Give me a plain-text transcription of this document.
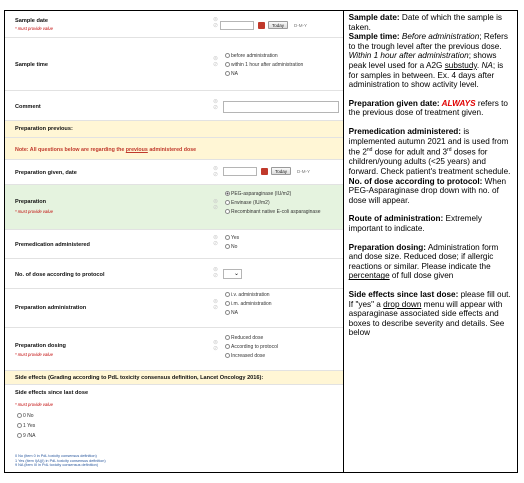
Sample date
* must provide value
⊚
⊘	Today	D-M-Y
Sample time
⊚
⊘
before administration
within 1 hour after administration
NA
Comment
⊚
⊘
Preparation previous:
Note: All questions below are regarding the previous administered dose
Preparation given, date
⊚
⊘
Today	D-M-Y
Preparation
* must provide value
⊚
⊘
PEG-asparaginase (IU/m2)
Erwinase (IU/m2)
Recombinant native E-coli asparaginase
Premedication administered
⊚
⊘
Yes
No
No. of dose according to protocol
⊚
⊘	⌄
Preparation administration
⊚
⊘
i.v. administration
i.m. administration
NA
Preparation dosing
* must provide value
⊚
⊘
Reduced dose
According to protocol
Increased dose
Side effects (Grading according to PdL toxicity consensus definition, Lancet Oncology 2016):
Side effects since last dose
* must provide value
0 No
1 Yes
9 /NA
0 No (item 0 in PdL toxicity consensus definition)
1 Yes (item I(A)(I) in PdL toxicity consensus definition)
9 NA (item III in PdL toxicity consensus definition)

Sample date: Date of which the sample is taken.
Sample time: Before administration; Refers to the trough level after the previous dose. Within 1 hour after administration; shows peak level used for a A2G substudy. NA; is for samples in between. Ex. 4 days after administration to show activity level.

Preparation given date: ALWAYS refers to the previous dose of treatment given.

Premedication administered: is implemented autumn 2021 and is used from the 2nd dose for adult and 3rd doses for children/young adults (<25 years) and forward. Check patient's treatment schedule.

No. of dose according to protocol: When PEG-Asparaginase drop down with no. of dose will appear.

Route of administration: Extremely important to indicate.

Preparation dosing: Administration form and dose size. Reduced dose; if allergic reactions or similar. Please indicate the percentage of full dose given

Side effects since last dose: please fill out. If "yes" a drop down menu will appear with asparaginase associated side effects and boxes to describe severity and details. See below
